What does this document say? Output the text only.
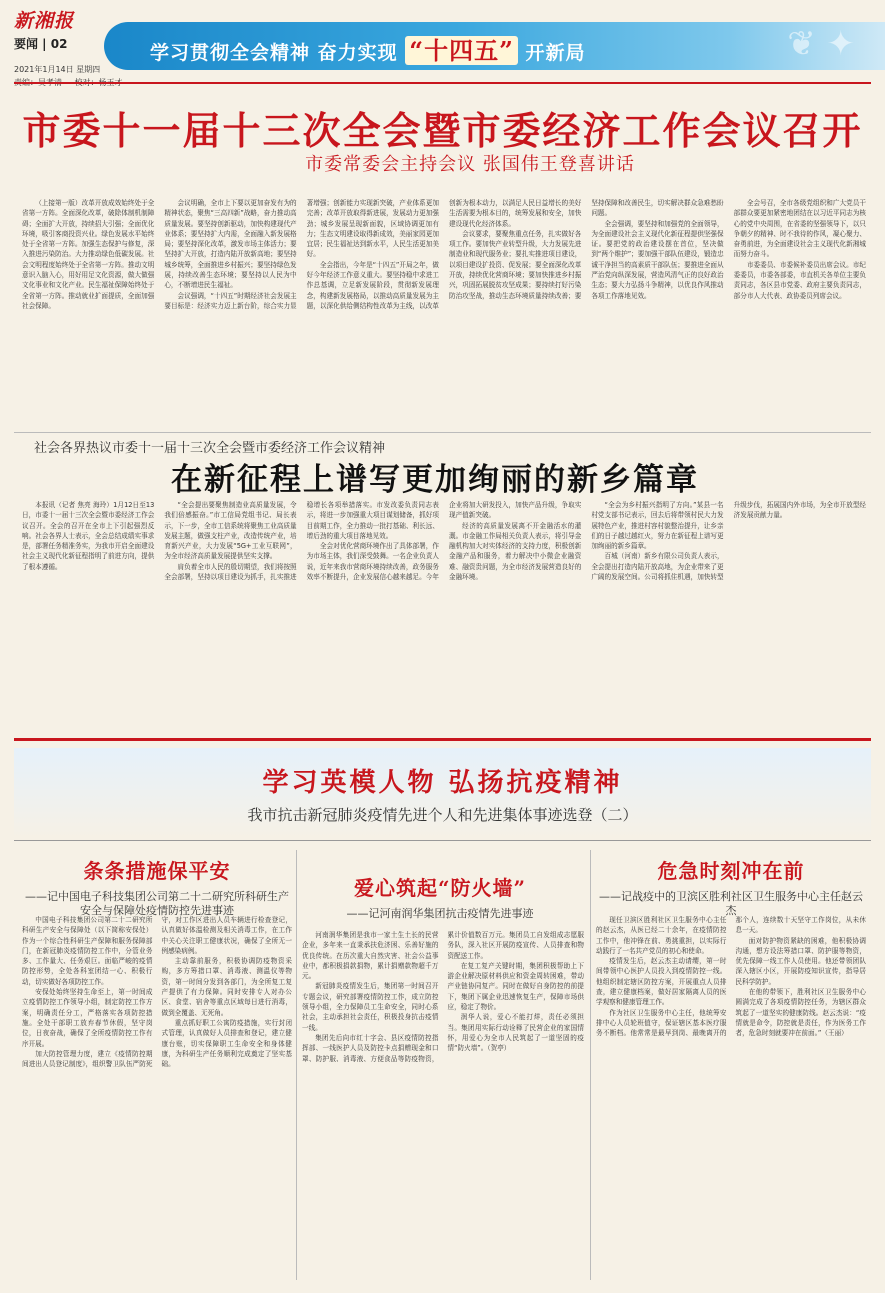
新湘报
要闻 | 02
2021年1月14日 星期四
学习贯彻全会精神 奋力实现 “十四五” 开新局	❦ ✦
市委十一届十三次全会暨市委经济工作会议召开
市委常委会主持会议 张国伟王登喜讲话

（上接第一版）改革开放成效始终处于全省第一方阵。全面深化改革，破除体制机制障碍；全面扩大开放，持续招大引强；全面优化环境，吸引客商投资兴业。绿色发展水平始终处于全省第一方阵。加强生态保护与修复，深入推进污染防治。大力推动绿色低碳发展。社会文明程度始终处于全省第一方阵。推动文明意识入脑入心，用好用足文化资源，做大做强文化事业和文化产业。民生福祉保障始终处于全省第一方阵。推动就业扩面提质，全面加强社会保障。

会议明确，全市上下要以更加奋发有为的精神状态，聚焦“三高四新”战略，奋力推动高质量发展。要坚持创新驱动，加快构建现代产业体系；要坚持扩大内需，全面融入新发展格局；要坚持深化改革，激发市场主体活力；要坚持扩大开放，打造内陆开放新高地；要坚持城乡统筹，全面推进乡村振兴；要坚持绿色发展，持续改善生态环境；要坚持以人民为中心，不断增进民生福祉。

会议强调，“十四五”时期经济社会发展主要目标是：经济实力迈上新台阶，综合实力显著增强；创新能力实现新突破，产业体系更加完善；改革开放取得新进展，发展动力更加强劲；城乡发展呈现新面貌，区域协调更加有力；生态文明建设取得新成效，美丽家园更加宜居；民生福祉达到新水平，人民生活更加美好。

全会指出，今年是“十四五”开局之年，做好今年经济工作意义重大。要坚持稳中求进工作总基调，立足新发展阶段，贯彻新发展理念，构建新发展格局，以推动高质量发展为主题，以深化供给侧结构性改革为主线，以改革创新为根本动力，以满足人民日益增长的美好生活需要为根本目的，统筹发展和安全，加快建设现代化经济体系。

会议要求，要聚焦重点任务，扎实做好各项工作。要加快产业转型升级，大力发展先进制造业和现代服务业；要扎实推进项目建设，以项目建设扩投资、促发展；要全面深化改革开放，持续优化营商环境；要加快推进乡村振兴，巩固拓展脱贫攻坚成果；要持续打好污染防治攻坚战，推动生态环境质量持续改善；要坚持保障和改善民生，切实解决群众急难愁盼问题。

全会强调，要坚持和加强党的全面领导，为全面建设社会主义现代化新征程提供坚强保证。要把党的政治建设摆在首位，坚决做到“两个维护”；要加强干部队伍建设，锻造忠诚干净担当的高素质干部队伍；要推进全面从严治党向纵深发展，营造风清气正的良好政治生态；要大力弘扬斗争精神，以优良作风推动各项工作落地见效。

全会号召，全市各级党组织和广大党员干部群众要更加紧密地团结在以习近平同志为核心的党中央周围，在省委的坚强领导下，以只争朝夕的精神、时不我待的作风，凝心聚力、奋勇前进，为全面建设社会主义现代化新湘城而努力奋斗。

市委委员、市委候补委员出席会议。市纪委委员，市委各部委，市直机关各单位主要负责同志，各区县市党委、政府主要负责同志，部分市人大代表、政协委员列席会议。

社会各界热议市委十一届十三次全会暨市委经济工作会议精神
在新征程上谱写更加绚丽的新乡篇章

本报讯（记者 焦亮 海玲）1月12日至13日，市委十一届十三次全会暨市委经济工作会议召开。全会的召开在全市上下引起强烈反响。社会各界人士表示，全会总结成绩实事求是，部署任务精准务实，为我市开启全面建设社会主义现代化新征程指明了前进方向，提供了根本遵循。

“全会提出要聚焦制造业高质量发展，令我们倍感振奋。”市工信局党组书记、局长表示，下一步，全市工信系统将聚焦工业高质量发展主题，做强支柱产业，改造传统产业，培育新兴产业，大力发展“5G+工业互联网”，为全市经济高质量发展提供坚实支撑。

肩负着全市人民的殷切期望，我们将按照全会部署，坚持以项目建设为抓手，扎实推进稳增长各项举措落实。市发改委负责同志表示，将进一步加强重大项目谋划储备，抓好项目前期工作，全力推动一批打基础、利长远、增后劲的重大项目落地见效。

全会对优化营商环境作出了具体部署，作为市场主体，我们深受鼓舞。一名企业负责人说，近年来我市营商环境持续改善，政务服务效率不断提升，企业发展信心越来越足。今年企业将加大研发投入，加快产品升级，争取实现产值新突破。

经济的高质量发展离不开金融活水的灌溉。市金融工作局相关负责人表示，将引导金融机构加大对实体经济的支持力度，积极创新金融产品和服务，着力解决中小微企业融资难、融资贵问题，为全市经济发展营造良好的金融环境。

“全会为乡村振兴指明了方向。”某县一名村党支部书记表示，回去后将带领村民大力发展特色产业，推进村容村貌整治提升，让乡亲们的日子越过越红火，努力在新征程上谱写更加绚丽的新乡篇章。

百城（河南）新乡有限公司负责人表示，全会提出打造内陆开放高地，为企业带来了更广阔的发展空间。公司将抓住机遇，加快转型升级步伐，拓展国内外市场，为全市开放型经济发展贡献力量。

学习英模人物 弘扬抗疫精神
我市抗击新冠肺炎疫情先进个人和先进集体事迹选登（二）
条条措施保平安
——记中国电子科技集团公司第二十二研究所科研生产安全与保障处疫情防控先进事迹

中国电子科技集团公司第二十二研究所科研生产安全与保障处（以下简称安保处）作为一个综合性科研生产保障和服务保障部门，在新冠肺炎疫情防控工作中，分管业务多、工作量大、任务艰巨。面临严峻的疫情防控形势，全处各科室团结一心、积极行动，切实做好各项防控工作。

安保处始终坚持生命至上，第一时间成立疫情防控工作领导小组，制定防控工作方案，明确责任分工，严格落实各项防控措施。全处干部职工放弃春节休假，坚守岗位，日夜奋战，确保了全所疫情防控工作有序开展。

加大防控管理力度，建立《疫情防控期间进出人员登记制度》，组织警卫队伍严防死守，对工作区进出人员车辆进行检查登记，认真做好体温检测及相关消毒工作，在工作中关心关注职工健康状况，确保了全所无一例感染病例。

主动靠前服务，积极协调防疫物资采购，多方筹措口罩、消毒液、测温仪等物资，第一时间分发到各部门，为全所复工复产提供了有力保障。同时安排专人对办公区、食堂、宿舍等重点区域每日进行消毒，做到全覆盖、无死角。

重点抓好职工公寓防疫措施，实行封闭式管理，认真做好人员排查和登记，建立健康台账，切实保障职工生命安全和身体健康，为科研生产任务顺利完成奠定了坚实基础。

爱心筑起“防火墙”
——记河南润华集团抗击疫情先进事迹

河南润华集团是我市一家土生土长的民营企业，多年来一直秉承扶危济困、乐善好施的优良传统。在历次重大自然灾害、社会公益事业中，都积极捐款捐物，累计捐赠款物超千万元。

新冠肺炎疫情发生后，集团第一时间召开专题会议，研究部署疫情防控工作，成立防控领导小组，全力保障员工生命安全，同时心系社会，主动承担社会责任，积极投身抗击疫情一线。

集团先后向市红十字会、县区疫情防控指挥部、一线医护人员及防控卡点捐赠现金和口罩、防护服、消毒液、方便食品等防疫物资，累计价值数百万元。集团员工自发组成志愿服务队，深入社区开展防疫宣传、人员排查和物资配送工作。

在复工复产关键时期，集团积极帮助上下游企业解决原材料供应和资金周转困难，带动产业链协同复产。同时在做好自身防控的前提下，集团下属企业迅速恢复生产，保障市场供应，稳定了物价。

润华人说，爱心不能打烊，责任必须担当。集团用实际行动诠释了民营企业的家国情怀，用爱心为全市人民筑起了一道坚固的疫情“防火墙”。（贺亭）

危急时刻冲在前
——记战疫中的卫滨区胜利社区卫生服务中心主任赵云杰

现任卫滨区胜利社区卫生服务中心主任的赵云杰，从医已经二十余年，在疫情防控工作中，他冲锋在前、勇挑重担，以实际行动践行了一名共产党员的初心和使命。

疫情发生后，赵云杰主动请缨，第一时间带领中心医护人员投入到疫情防控一线。他组织制定辖区防控方案，开展重点人员排查，建立健康档案，做好居家隔离人员的医学观察和健康管理工作。

作为社区卫生服务中心主任，他统筹安排中心人员轮班值守，保证辖区基本医疗服务不断档。他常常是最早到岗、最晚离开的那个人，连续数十天坚守工作岗位，从未休息一天。

面对防护物资紧缺的困难，他积极协调沟通，想方设法筹措口罩、防护服等物资，优先保障一线工作人员使用。他还带领团队深入辖区小区，开展防疫知识宣传，指导居民科学防护。

在他的带领下，胜利社区卫生服务中心圆满完成了各项疫情防控任务，为辖区群众筑起了一道坚实的健康防线。赵云杰说：“疫情就是命令，防控就是责任，作为医务工作者，危急时刻就要冲在前面。”（王丽）
